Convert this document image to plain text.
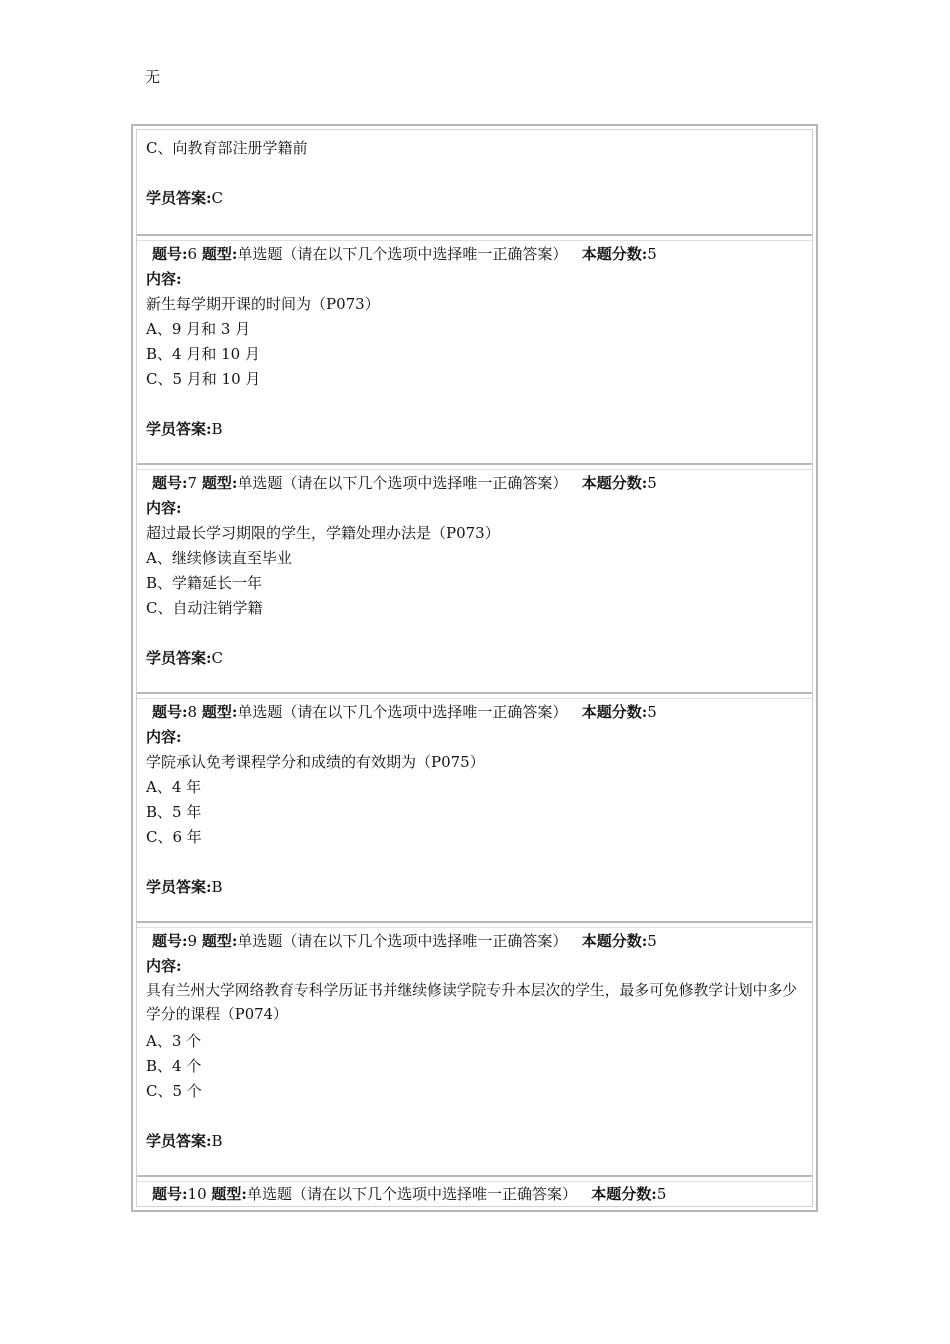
无
C、向教育部注册学籍前
学员答案:C
题号:6 题型:单选题（请在以下几个选项中选择唯一正确答案） 本题分数:5
内容:
新生每学期开课的时间为（P073）
A、9 月和 3 月
B、4 月和 10 月
C、5 月和 10 月
学员答案:B
题号:7 题型:单选题（请在以下几个选项中选择唯一正确答案） 本题分数:5
内容:
超过最长学习期限的学生，学籍处理办法是（P073）
A、继续修读直至毕业
B、学籍延长一年
C、自动注销学籍
学员答案:C
题号:8 题型:单选题（请在以下几个选项中选择唯一正确答案） 本题分数:5
内容:
学院承认免考课程学分和成绩的有效期为（P075）
A、4 年
B、5 年
C、6 年
学员答案:B
题号:9 题型:单选题（请在以下几个选项中选择唯一正确答案） 本题分数:5
内容:
具有兰州大学网络教育专科学历证书并继续修读学院专升本层次的学生，最多可免修教学计划中多少学分的课程（P074）
A、3 个
B、4 个
C、5 个
学员答案:B
题号:10 题型:单选题（请在以下几个选项中选择唯一正确答案） 本题分数:5
